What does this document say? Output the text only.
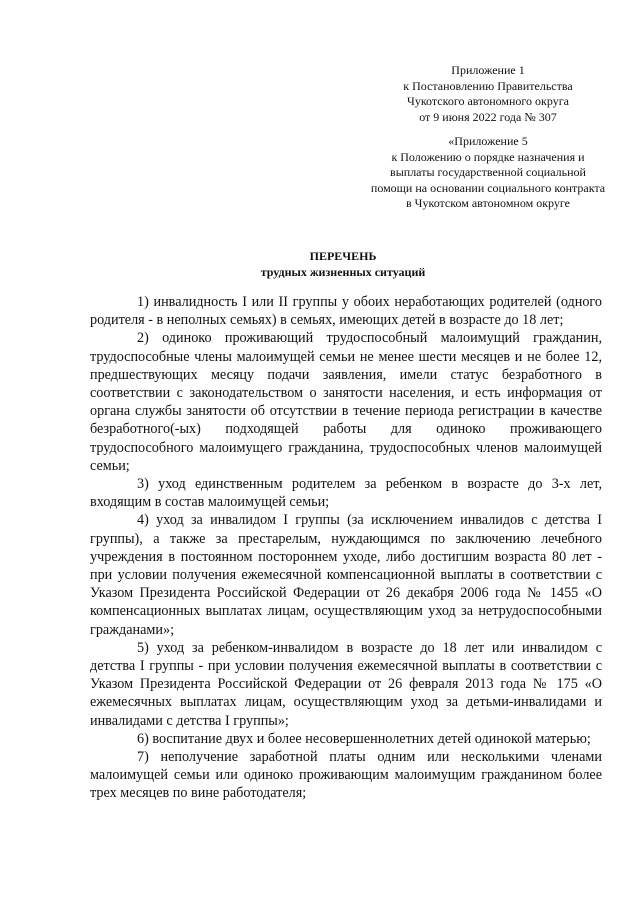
Приложение 1
к Постановлению Правительства
Чукотского автономного округа
от 9 июня 2022 года № 307
«Приложение 5
к Положению о порядке назначения и выплаты государственной социальной помощи на основании социального контракта в Чукотском автономном округе
ПЕРЕЧЕНЬ
трудных жизненных ситуаций

1) инвалидность I или II группы у обоих неработающих родителей (одного родителя - в неполных семьях) в семьях, имеющих детей в возрасте до 18 лет;

2) одиноко проживающий трудоспособный малоимущий гражданин, трудоспособные члены малоимущей семьи не менее шести месяцев и не более 12, предшествующих месяцу подачи заявления, имели статус безработного в соответствии с законодательством о занятости населения, и есть информация от органа службы занятости об отсутствии в течение периода регистрации в качестве безработного(-ых) подходящей работы для одиноко проживающего трудоспособного малоимущего гражданина, трудоспособных членов малоимущей семьи;

3) уход единственным родителем за ребенком в возрасте до 3-х лет, входящим в состав малоимущей семьи;

4) уход за инвалидом I группы (за исключением инвалидов с детства I группы), а также за престарелым, нуждающимся по заключению лечебного учреждения в постоянном постороннем уходе, либо достигшим возраста 80 лет - при условии получения ежемесячной компенсационной выплаты в соответствии с Указом Президента Российской Федерации от 26 декабря 2006 года № 1455 «О компенсационных выплатах лицам, осуществляющим уход за нетрудоспособными гражданами»;

5) уход за ребенком-инвалидом в возрасте до 18 лет или инвалидом с детства I группы - при условии получения ежемесячной выплаты в соответствии с Указом Президента Российской Федерации от 26 февраля 2013 года № 175 «О ежемесячных выплатах лицам, осуществляющим уход за детьми-инвалидами и инвалидами с детства I группы»;

6) воспитание двух и более несовершеннолетних детей одинокой матерью;

7) неполучение заработной платы одним или несколькими членами малоимущей семьи или одиноко проживающим малоимущим гражданином более трех месяцев по вине работодателя;
